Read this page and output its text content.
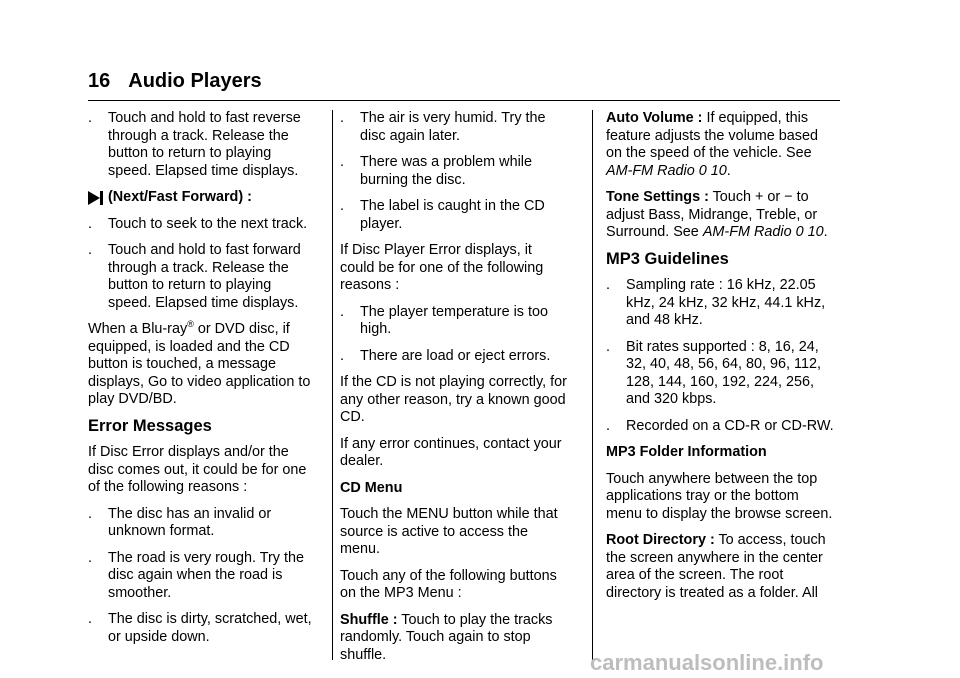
16 Audio Players
. Touch and hold to fast reverse through a track. Release the button to return to playing speed. Elapsed time displays.
(Next/Fast Forward) :
. Touch to seek to the next track.
. Touch and hold to fast forward through a track. Release the button to return to playing speed. Elapsed time displays.

When a Blu-ray® or DVD disc, if equipped, is loaded and the CD button is touched, a message displays, Go to video application to play DVD/BD.

Error Messages

If Disc Error displays and/or the disc comes out, it could be for one of the following reasons :

. The disc has an invalid or unknown format.
. The road is very rough. Try the disc again when the road is smoother.
. The disc is dirty, scratched, wet, or upside down.
. The air is very humid. Try the disc again later.
. There was a problem while burning the disc.
. The label is caught in the CD player.

If Disc Player Error displays, it could be for one of the following reasons :

. The player temperature is too high.
. There are load or eject errors.

If the CD is not playing correctly, for any other reason, try a known good CD.

If any error continues, contact your dealer.

CD Menu

Touch the MENU button while that source is active to access the menu.

Touch any of the following buttons on the MP3 Menu :

Shuffle : Touch to play the tracks randomly. Touch again to stop shuffle.

Auto Volume : If equipped, this feature adjusts the volume based on the speed of the vehicle. See AM-FM Radio 0 10.

Tone Settings : Touch + or − to adjust Bass, Midrange, Treble, or Surround. See AM-FM Radio 0 10.

MP3 Guidelines
. Sampling rate : 16 kHz, 22.05 kHz, 24 kHz, 32 kHz, 44.1 kHz, and 48 kHz.
. Bit rates supported : 8, 16, 24, 32, 40, 48, 56, 64, 80, 96, 112, 128, 144, 160, 192, 224, 256, and 320 kbps.
. Recorded on a CD-R or CD-RW.

MP3 Folder Information

Touch anywhere between the top applications tray or the bottom menu to display the browse screen.

Root Directory : To access, touch the screen anywhere in the center area of the screen. The root directory is treated as a folder. All

carmanualsonline.info
